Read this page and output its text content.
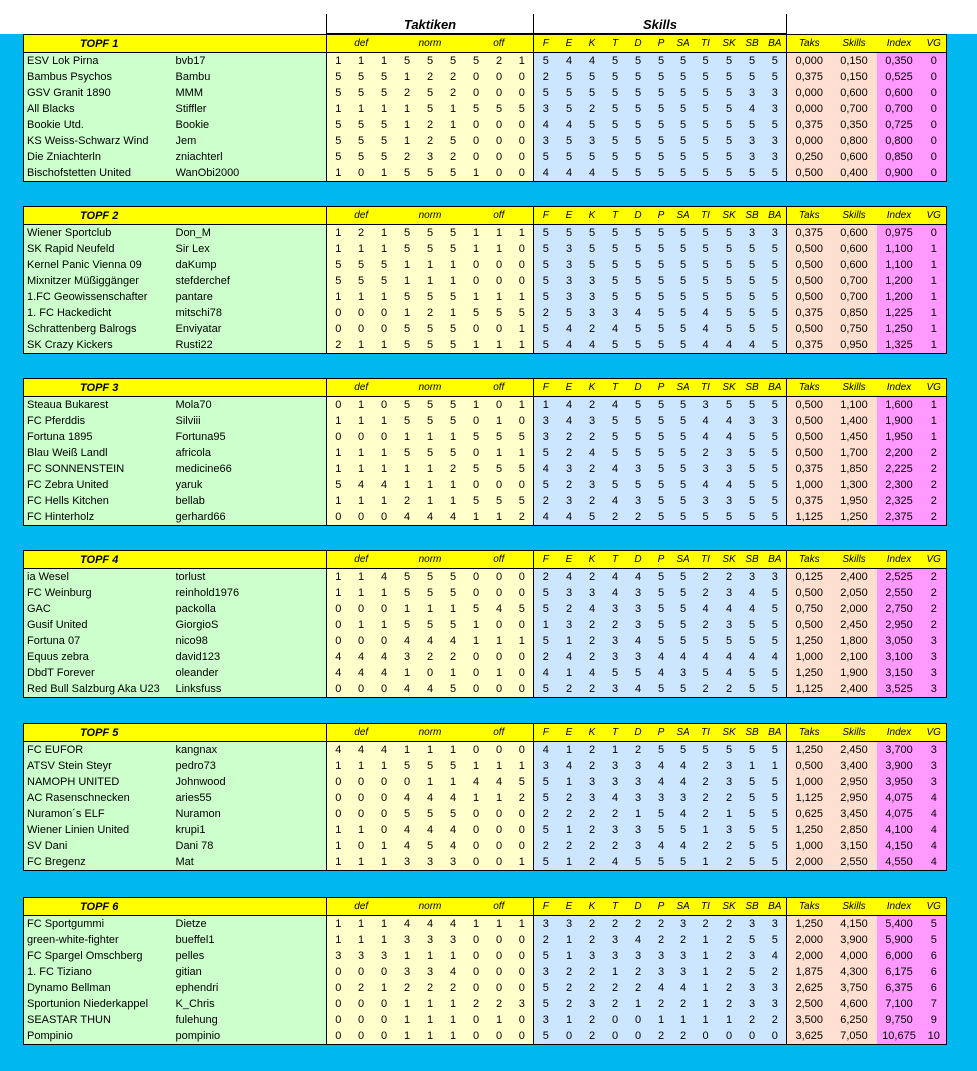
Taktiken	Skills
TOPF 1		def			norm			off			F	E	K	T	D	P	SA	TI	SK	SB	BA	Taks	Skills	Index	VG
ESV Lok Pirna	bvb17	1	1	1	5	5	5	5	2	1	5	4	4	5	5	5	5	5	5	5	5	0,000	0,150	0,350	0
Bambus Psychos	Bambu	5	5	5	1	2	2	0	0	0	2	5	5	5	5	5	5	5	5	5	5	0,375	0,150	0,525	0
GSV Granit 1890	MMM	5	5	5	2	5	2	0	0	0	5	5	5	5	5	5	5	5	5	3	3	0,000	0,600	0,600	0
All Blacks	Stiffler	1	1	1	1	5	1	5	5	5	3	5	2	5	5	5	5	5	5	4	3	0,000	0,700	0,700	0
Bookie Utd.	Bookie	5	5	5	1	2	1	0	0	0	4	4	5	5	5	5	5	5	5	5	5	0,375	0,350	0,725	0
KS Weiss-Schwarz Wind	Jem	5	5	5	1	2	5	0	0	0	3	5	3	5	5	5	5	5	5	3	3	0,000	0,800	0,800	0
Die Zniachterln	zniachterl	5	5	5	2	3	2	0	0	0	5	5	5	5	5	5	5	5	5	3	3	0,250	0,600	0,850	0
Bischofstetten United	WanObi2000	1	0	1	5	5	5	1	0	0	4	4	4	5	5	5	5	5	5	5	5	0,500	0,400	0,900	0
TOPF 2		def			norm			off			F	E	K	T	D	P	SA	TI	SK	SB	BA	Taks	Skills	Index	VG
Wiener Sportclub	Don_M	1	2	1	5	5	5	1	1	1	5	5	5	5	5	5	5	5	5	3	3	0,375	0,600	0,975	0
SK Rapid Neufeld	Sir Lex	1	1	1	5	5	5	1	1	0	5	3	5	5	5	5	5	5	5	5	5	0,500	0,600	1,100	1
Kernel Panic Vienna 09	daKump	5	5	5	1	1	1	0	0	0	5	3	5	5	5	5	5	5	5	5	5	0,500	0,600	1,100	1
Mixnitzer Müßiggänger	stefderchef	5	5	5	1	1	1	0	0	0	5	3	3	5	5	5	5	5	5	5	5	0,500	0,700	1,200	1
1.FC Geowissenschafter	pantare	1	1	1	5	5	5	1	1	1	5	3	3	5	5	5	5	5	5	5	5	0,500	0,700	1,200	1
1. FC Hackedicht	mitschi78	0	0	0	1	2	1	5	5	5	2	5	3	3	4	5	5	4	5	5	5	0,375	0,850	1,225	1
Schrattenberg Balrogs	Enviyatar	0	0	0	5	5	5	0	0	1	5	4	2	4	5	5	5	4	5	5	5	0,500	0,750	1,250	1
SK Crazy Kickers	Rusti22	2	1	1	5	5	5	1	1	1	5	4	4	5	5	5	5	4	4	4	5	0,375	0,950	1,325	1
TOPF 3		def			norm			off			F	E	K	T	D	P	SA	TI	SK	SB	BA	Taks	Skills	Index	VG
Steaua Bukarest	Mola70	0	1	0	5	5	5	1	0	1	1	4	2	4	5	5	5	3	5	5	5	0,500	1,100	1,600	1
FC Pferddis	Silviii	1	1	1	5	5	5	0	1	0	3	4	3	5	5	5	5	4	4	3	3	0,500	1,400	1,900	1
Fortuna 1895	Fortuna95	0	0	0	1	1	1	5	5	5	3	2	2	5	5	5	5	4	4	5	5	0,500	1,450	1,950	1
Blau Weiß Landl	africola	1	1	1	5	5	5	0	1	1	5	2	4	5	5	5	5	2	3	5	5	0,500	1,700	2,200	2
FC SONNENSTEIN	medicine66	1	1	1	1	1	2	5	5	5	4	3	2	4	3	5	5	3	3	5	5	0,375	1,850	2,225	2
FC Zebra United	yaruk	5	4	4	1	1	1	0	0	0	5	2	3	5	5	5	5	4	4	5	5	1,000	1,300	2,300	2
FC Hells Kitchen	bellab	1	1	1	2	1	1	5	5	5	2	3	2	4	3	5	5	3	3	5	5	0,375	1,950	2,325	2
FC Hinterholz	gerhard66	0	0	0	4	4	4	1	1	2	4	4	5	2	2	5	5	5	5	5	5	1,125	1,250	2,375	2
TOPF 4		def			norm			off			F	E	K	T	D	P	SA	TI	SK	SB	BA	Taks	Skills	Index	VG
ia Wesel	torlust	1	1	4	5	5	5	0	0	0	2	4	2	4	4	5	5	2	2	3	3	0,125	2,400	2,525	2
FC Weinburg	reinhold1976	1	1	1	5	5	5	0	0	0	5	3	3	4	3	5	5	2	3	4	5	0,500	2,050	2,550	2
GAC	packolla	0	0	0	1	1	1	5	4	5	5	2	4	3	3	5	5	4	4	4	5	0,750	2,000	2,750	2
Gusif United	GiorgioS	0	1	1	5	5	5	1	0	0	1	3	2	2	3	5	5	2	3	5	5	0,500	2,450	2,950	2
Fortuna 07	nico98	0	0	0	4	4	4	1	1	1	5	1	2	3	4	5	5	5	5	5	5	1,250	1,800	3,050	3
Equus zebra	david123	4	4	4	3	2	2	0	0	0	2	4	2	3	3	4	4	4	4	4	4	1,000	2,100	3,100	3
DbdT Forever	oleander	4	4	4	1	0	1	0	1	0	4	1	4	5	5	4	3	5	4	5	5	1,250	1,900	3,150	3
Red Bull Salzburg Aka U23	Linksfuss	0	0	0	4	4	5	0	0	0	5	2	2	3	4	5	5	2	2	5	5	1,125	2,400	3,525	3
TOPF 5		def			norm			off			F	E	K	T	D	P	SA	TI	SK	SB	BA	Taks	Skills	Index	VG
FC EUFOR	kangnax	4	4	4	1	1	1	0	0	0	4	1	2	1	2	5	5	5	5	5	5	1,250	2,450	3,700	3
ATSV Stein Steyr	pedro73	1	1	1	5	5	5	1	1	1	3	4	2	3	3	4	4	2	3	1	1	0,500	3,400	3,900	3
NAMOPH UNITED	Johnwood	0	0	0	0	1	1	4	4	5	5	1	3	3	3	4	4	2	3	5	5	1,000	2,950	3,950	3
AC Rasenschnecken	aries55	0	0	0	4	4	4	1	1	2	5	2	3	4	3	3	3	2	2	5	5	1,125	2,950	4,075	4
Nuramon´s ELF	Nuramon	0	0	0	5	5	5	0	0	0	2	2	2	2	1	5	4	2	1	5	5	0,625	3,450	4,075	4
Wiener Linien United	krupi1	1	1	0	4	4	4	0	0	0	5	1	2	3	3	5	5	1	3	5	5	1,250	2,850	4,100	4
SV Dani	Dani 78	1	0	1	4	5	4	0	0	0	2	2	2	2	3	4	4	2	2	5	5	1,000	3,150	4,150	4
FC Bregenz	Mat	1	1	1	3	3	3	0	0	1	5	1	2	4	5	5	5	1	2	5	5	2,000	2,550	4,550	4
TOPF 6		def			norm			off			F	E	K	T	D	P	SA	TI	SK	SB	BA	Taks	Skills	Index	VG
FC Sportgummi	Dietze	1	1	1	4	4	4	1	1	1	3	3	2	2	2	2	3	2	2	3	3	1,250	4,150	5,400	5
green-white-fighter	bueffel1	1	1	1	3	3	3	0	0	0	2	1	2	3	4	2	2	1	2	5	5	2,000	3,900	5,900	5
FC Spargel Omschberg	pelles	3	3	3	1	1	1	0	0	0	5	1	3	3	3	3	3	1	2	3	4	2,000	4,000	6,000	6
1. FC Tiziano	gitian	0	0	0	3	3	4	0	0	0	3	2	2	1	2	3	3	1	2	5	2	1,875	4,300	6,175	6
Dynamo Bellman	ephendri	0	2	1	2	2	2	0	0	0	5	2	2	2	2	4	4	1	2	3	3	2,625	3,750	6,375	6
Sportunion Niederkappel	K_Chris	0	0	0	1	1	1	2	2	3	5	2	3	2	1	2	2	1	2	3	3	2,500	4,600	7,100	7
SEASTAR THUN	fulehung	0	0	0	1	1	1	0	1	0	3	1	2	0	0	1	1	1	1	2	2	3,500	6,250	9,750	9
Pompinio	pompinio	0	0	0	1	1	1	0	0	0	5	0	2	0	0	2	2	0	0	0	0	3,625	7,050	10,675	10
